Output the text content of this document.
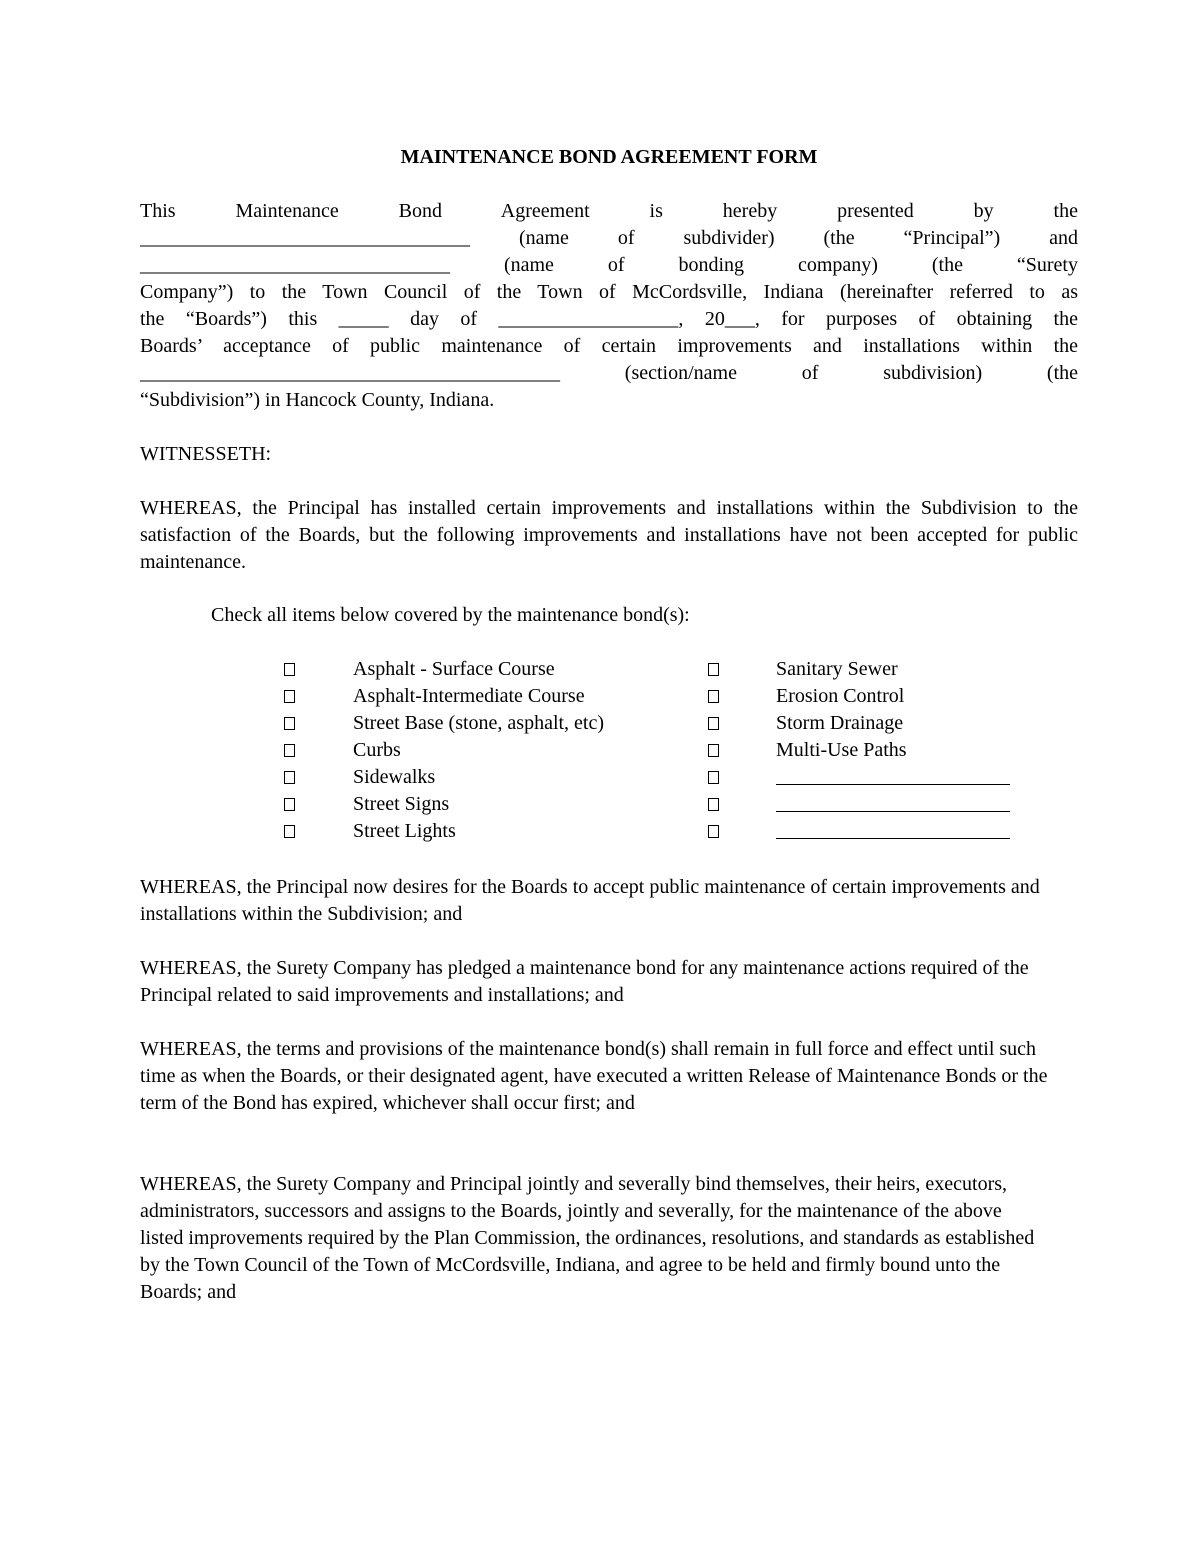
MAINTENANCE BOND AGREEMENT FORM
This Maintenance Bond Agreement is hereby presented by the
_________________________________ (name of subdivider) (the “Principal”) and
_______________________________ (name of bonding company) (the “Surety
Company”) to the Town Council of the Town of McCordsville, Indiana (hereinafter referred to as
the “Boards”) this _____ day of __________________, 20___, for purposes of obtaining the
Boards’ acceptance of public maintenance of certain improvements and installations within the
__________________________________________ (section/name of subdivision) (the
“Subdivision”) in Hancock County, Indiana.

WITNESSETH:

WHEREAS, the Principal has installed certain improvements and installations within the Subdivision to the satisfaction of the Boards, but the following improvements and installations have not been accepted for public maintenance.

Check all items below covered by the maintenance bond(s):

Asphalt - Surface Course	Sanitary Sewer
Asphalt-Intermediate Course	Erosion Control
Street Base (stone, asphalt, etc)	Storm Drainage
Curbs	Multi-Use Paths
Sidewalks
Street Signs
Street Lights

WHEREAS, the Principal now desires for the Boards to accept public maintenance of certain improvements and installations within the Subdivision; and

WHEREAS, the Surety Company has pledged a maintenance bond for any maintenance actions required of the Principal related to said improvements and installations; and

WHEREAS, the terms and provisions of the maintenance bond(s) shall remain in full force and effect until such time as when the Boards, or their designated agent, have executed a written Release of Maintenance Bonds or the term of the Bond has expired, whichever shall occur first; and

WHEREAS, the Surety Company and Principal jointly and severally bind themselves, their heirs, executors, administrators, successors and assigns to the Boards, jointly and severally, for the maintenance of the above listed improvements required by the Plan Commission, the ordinances, resolutions, and standards as established by the Town Council of the Town of McCordsville, Indiana, and agree to be held and firmly bound unto the Boards; and
